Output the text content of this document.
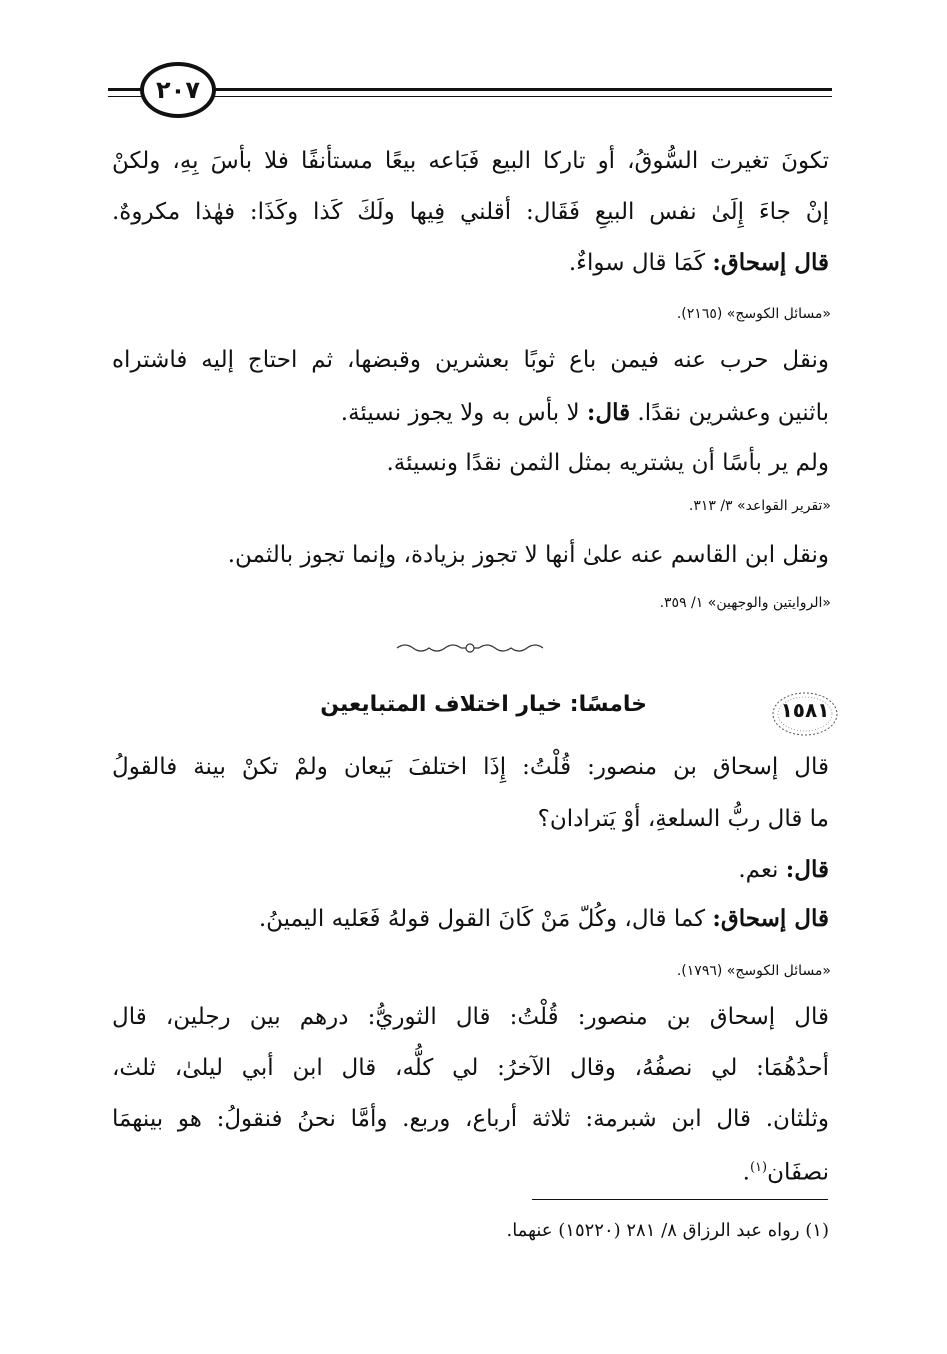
٢٠٧
تكونَ تغيرت السُّوقُ، أو تاركا البيع فَبَاعه بيعًا مستأنفًا فلا بأسَ بِهِ، ولكنْ
إنْ جاءَ إِلَىٰ نفس البيعِ فَقَال: أقلني فِيها ولَكَ كَذا وكَذَا: فهٰذا مكروهٌ.
قال إسحاق: كَمَا قال سواءٌ.
«مسائل الكوسج» (٢١٦٥).
ونقل حرب عنه فيمن باع ثوبًا بعشرين وقبضها، ثم احتاج إليه فاشتراه
باثنين وعشرين نقدًا. قال: لا بأس به ولا يجوز نسيئة.
ولم ير بأسًا أن يشتريه بمثل الثمن نقدًا ونسيئة.
«تقرير القواعد» ٣/ ٣١٣.
ونقل ابن القاسم عنه علىٰ أنها لا تجوز بزيادة، وإنما تجوز بالثمن.
«الروايتين والوجهين» ١/ ٣٥٩.
١٥٨١
خامسًا: خيار اختلاف المتبايعين
قال إسحاق بن منصور: قُلْتُ: إِذَا اختلفَ بَيعان ولمْ تكنْ بينة فالقولُ
ما قال ربُّ السلعةِ، أوْ يَترادان؟
قال: نعم.
قال إسحاق: كما قال، وكُلّ مَنْ كَانَ القول قولهُ فَعَليه اليمينُ.
«مسائل الكوسج» (١٧٩٦).
قال إسحاق بن منصور: قُلْتُ: قال الثوريُّ: درهم بين رجلين، قال
أحدُهُمَا: لي نصفُهُ، وقال الآخرُ: لي كلُّه، قال ابن أبي ليلىٰ، ثلث،
وثلثان. قال ابن شبرمة: ثلاثة أرباع، وربع. وأمَّا نحنُ فنقولُ: هو بينهمَا
نصفَان$^{(١)}$.
(١) رواه عبد الرزاق ٨/ ٢٨١ (١٥٢٢٠) عنهما.
